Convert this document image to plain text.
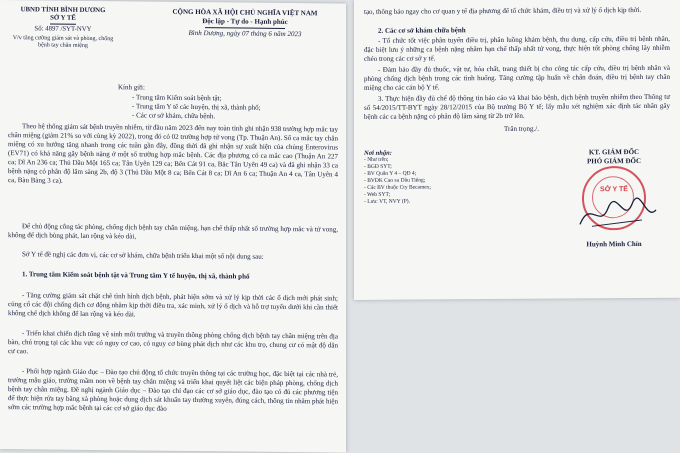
UBND TỈNH BÌNH DƯƠNG
SỞ Y TẾ
Số: 4897 /SYT-NVY
V/v tăng cường giám sát và phòng, chống bệnh tay chân miệng
CỘNG HÒA XÃ HỘI CHỦ NGHĨA VIỆT NAM
Độc lập - Tự do - Hạnh phúc
Bình Dương, ngày 07 tháng 6 năm 2023
Kính gửi:
- Trung tâm Kiểm soát bệnh tật;
- Trung tâm Y tế các huyện, thị xã, thành phố;
- Các cơ sở khám, chữa bệnh.

Theo hệ thống giám sát bệnh truyền nhiễm, từ đầu năm 2023 đến nay toàn tỉnh ghi nhận 938 trường hợp mắc tay chân miệng (giảm 21% so với cùng kỳ 2022), trong đó có 02 trường hợp tử vong (Tp. Thuận An). Số ca mắc tay chân miệng có xu hướng tăng nhanh trong các tuần gần đây, đồng thời đã ghi nhận sự xuất hiện của chủng Enterovirus (EV71) có khả năng gây bệnh nặng ở một số trường hợp mắc bệnh. Các địa phương có ca mắc cao (Thuận An 227 ca; Dĩ An 236 ca; Thủ Dầu Một 165 ca; Tân Uyên 129 ca; Bến Cát 91 ca, Bắc Tân Uyên 49 ca) và đã ghi nhận 33 ca bệnh nặng có phân độ lâm sàng 2b, độ 3 (Thủ Dầu Một 8 ca; Bến Cát 8 ca; Dĩ An 6 ca; Thuận An 4 ca, Tân Uyên 4 ca, Bàu Bàng 3 ca).

Để chủ động công tác phòng, chống dịch bệnh tay chân miệng, hạn chế thấp nhất số trường hợp mắc và tử vong, không để dịch bùng phát, lan rộng và kéo dài,

Sở Y tế đề nghị các đơn vị, các cơ sở khám, chữa bệnh triển khai một số nội dung sau:

1. Trung tâm Kiểm soát bệnh tật và Trung tâm Y tế huyện, thị xã, thành phố

- Tăng cường giám sát chặt chẽ tình hình dịch bệnh, phát hiện sớm và xử lý kịp thời các ổ dịch mới phát sinh; củng cố các đội chống dịch cơ động nhằm kịp thời điều tra, xác minh, xử lý ổ dịch và hỗ trợ tuyến dưới khi cần thiết không chế dịch không để lan rộng và kéo dài.

- Triển khai chiến dịch tổng vệ sinh môi trường và truyền thông phòng chống dịch bệnh tay chân miệng trên địa bàn, chú trọng tại các khu vực có nguy cơ cao, có nguy cơ bùng phát dịch như các khu trọ, chung cư có mật độ dân cư cao.

- Phối hợp ngành Giáo dục – Đào tạo chủ động tổ chức truyền thông tại các trường học, đặc biệt tại các nhà trẻ, trường mẫu giáo, trường mầm non về bệnh tay chân miệng và triển khai quyết liệt các biện pháp phòng, chống dịch bệnh tay chân miệng. Đề nghị ngành Giáo dục – Đào tạo chỉ đạo các cơ sở giáo dục, đào tạo có đủ các phương tiện để thực hiện rửa tay bằng xà phòng hoặc dung dịch sát khuẩn tay thường xuyên, đúng cách, thông tin nhằm phát hiện sớm các trường hợp mắc bệnh tại các cơ sở giáo dục đào

tạo, thông báo ngay cho cơ quan y tế địa phương để tổ chức khám, điều trị và xử lý ổ dịch kịp thời.

2. Các cơ sở khám chữa bệnh

- Tổ chức tốt việc phân tuyến điều trị, phân luồng khám bệnh, thu dung, cấp cứu, điều trị bệnh nhân, đặc biệt lưu ý những ca bệnh nặng nhằm hạn chế thấp nhất tử vong, thực hiện tốt phòng chống lây nhiễm chéo trong các cơ sở y tế.

- Đảm bảo đầy đủ thuốc, vật tư, hóa chất, trang thiết bị cho công tác cấp cứu, điều trị bệnh nhân và phòng chống dịch bệnh trong các tình huống. Tăng cường tập huấn về chẩn đoán, điều trị bệnh tay chân miệng cho các cán bộ Y tế.

3. Thực hiện đầy đủ chế độ thông tin báo cáo và khai báo bệnh, dịch bệnh truyền nhiễm theo Thông tư số 54/2015/TT-BYT ngày 28/12/2015 của Bộ trưởng Bộ Y tế; lấy mẫu xét nghiệm xác định tác nhân gây bệnh các ca bệnh nặng có phân độ lâm sàng từ 2b trở lên.

Trân trọng./.
Nơi nhận:
- Như trên;
- BGĐ SYT;
- BV Quân Y 4 – QĐ 4;
- BVĐK Cao su Dầu Tiếng;
- Các BV thuộc Cty Becamex;
- Web SYT;
- Lưu: VT, NVY (P).
KT. GIÁM ĐỐC
PHÓ GIÁM ĐỐC
SỞ Y TẾ
Huỳnh Minh Chín
